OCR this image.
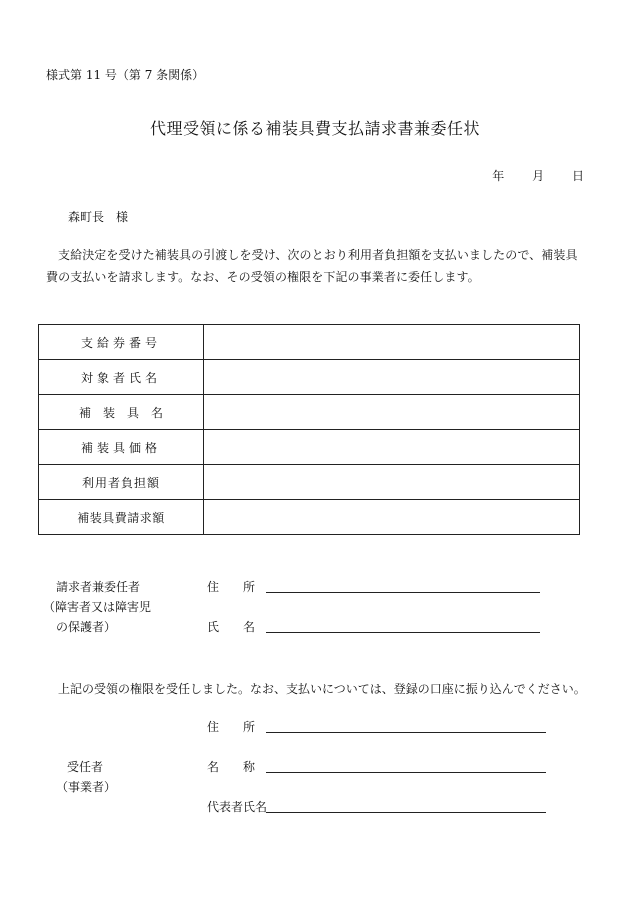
様式第 11 号（第 7 条関係）
代理受領に係る補装具費支払請求書兼委任状
年 月 日
森町長　様
支給決定を受けた補装具の引渡しを受け、次のとおり利用者負担額を支払いましたので、補装具費の支払いを請求します。なお、その受領の権限を下記の事業者に委任します。
支給券番号	
対象者氏名	
補　装　具　名	
補装具価格	
利用者負担額	
補装具費請求額	
請求者兼委任者
（障害者又は障害児
の保護者）
住　　所
氏　　名
上記の受領の権限を受任しました。なお、支払いについては、登録の口座に振り込んでください。
住　　所
受任者
（事業者）
名　　称
代表者氏名
